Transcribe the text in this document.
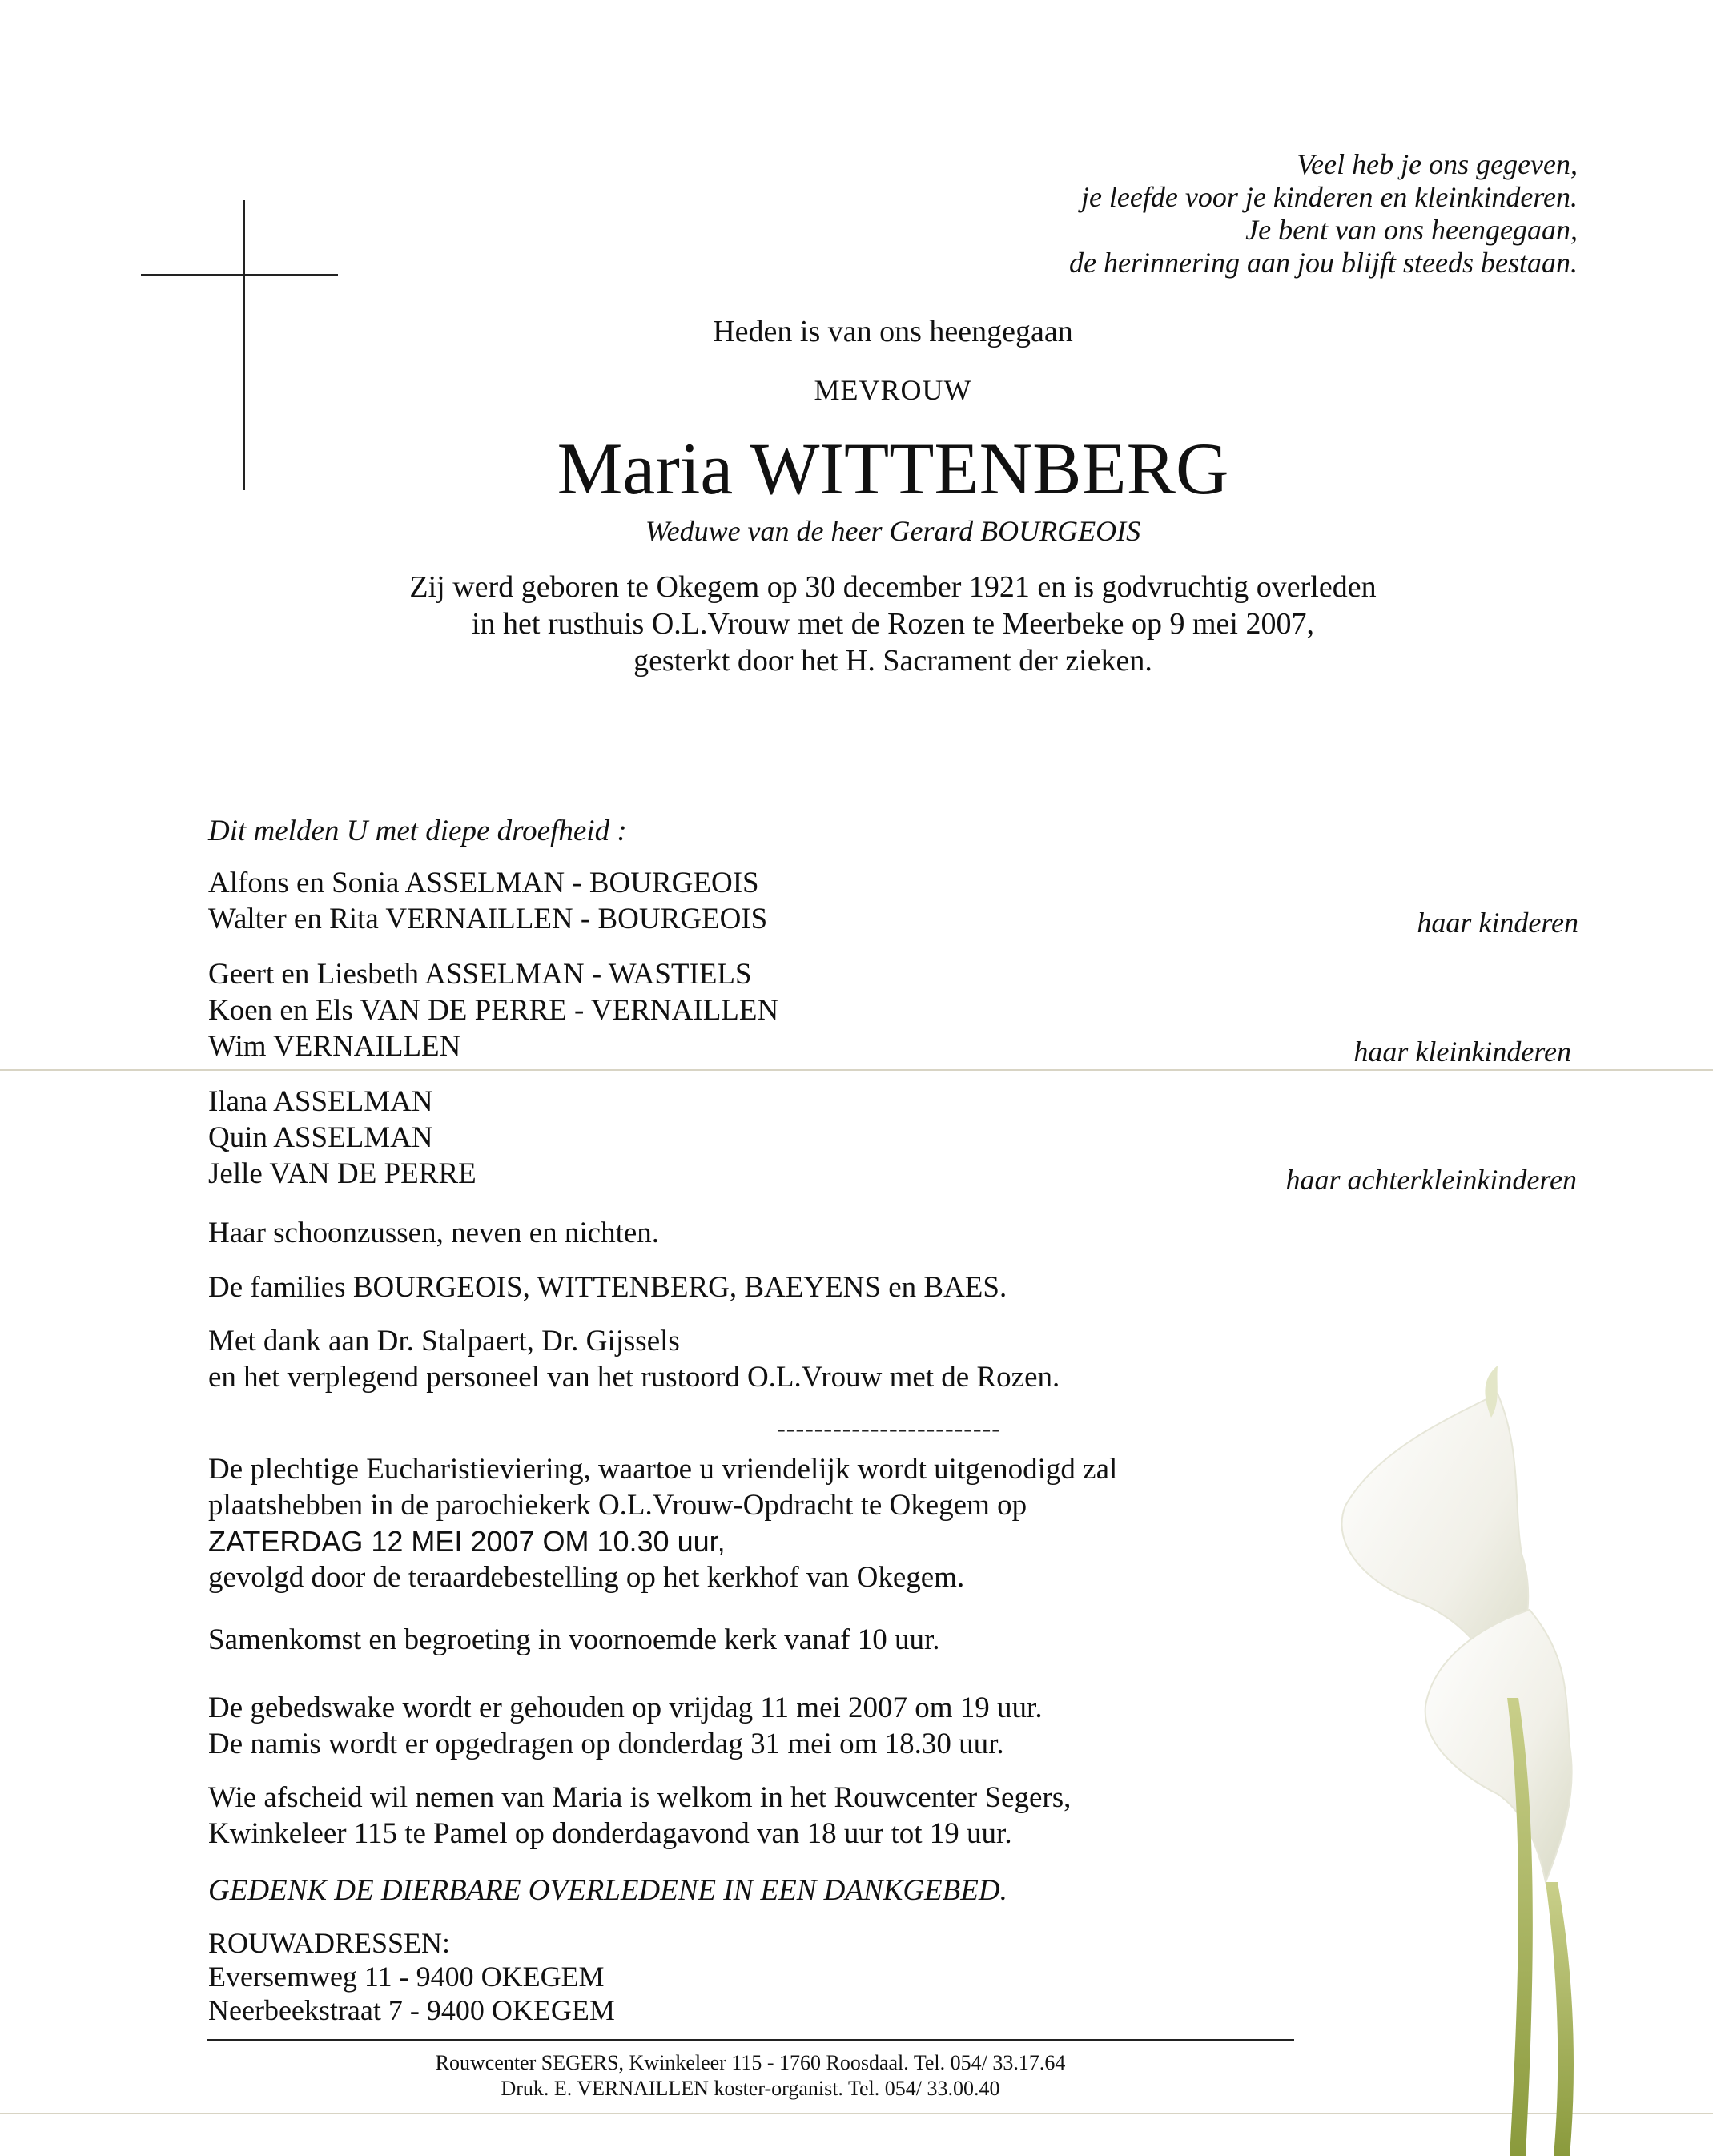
Veel heb je ons gegeven,
je leefde voor je kinderen en kleinkinderen.
Je bent van ons heengegaan,
de herinnering aan jou blijft steeds bestaan.
Heden is van ons heengegaan
MEVROUW
Maria WITTENBERG
Weduwe van de heer Gerard BOURGEOIS
Zij werd geboren te Okegem op 30 december 1921 en is godvruchtig overleden
in het rusthuis O.L.Vrouw met de Rozen te Meerbeke op 9 mei 2007,
gesterkt door het H. Sacrament der zieken.
Dit melden U met diepe droefheid :
Alfons en Sonia ASSELMAN - BOURGEOIS
Walter en Rita VERNAILLEN - BOURGEOIS	haar kinderen
Geert en Liesbeth ASSELMAN - WASTIELS
Koen en Els VAN DE PERRE - VERNAILLEN
Wim VERNAILLEN	haar kleinkinderen
Ilana ASSELMAN
Quin ASSELMAN
Jelle VAN DE PERRE	haar achterkleinkinderen
Haar schoonzussen, neven en nichten.
De families BOURGEOIS, WITTENBERG, BAEYENS en BAES.
Met dank aan Dr. Stalpaert, Dr. Gijssels
en het verplegend personeel van het rustoord O.L.Vrouw met de Rozen.
------------------------
De plechtige Eucharistieviering, waartoe u vriendelijk wordt uitgenodigd zal
plaatshebben in de parochiekerk O.L.Vrouw-Opdracht te Okegem op
ZATERDAG 12 MEI 2007 OM 10.30 uur,
gevolgd door de teraardebestelling op het kerkhof van Okegem.
Samenkomst en begroeting in voornoemde kerk vanaf 10 uur.
De gebedswake wordt er gehouden op vrijdag 11 mei 2007 om 19 uur.
De namis wordt er opgedragen op donderdag 31 mei om 18.30 uur.
Wie afscheid wil nemen van Maria is welkom in het Rouwcenter Segers,
Kwinkeleer 115 te Pamel op donderdagavond van 18 uur tot 19 uur.
GEDENK DE DIERBARE OVERLEDENE IN EEN DANKGEBED.
ROUWADRESSEN:
Eversemweg 11 - 9400 OKEGEM
Neerbeekstraat 7 - 9400 OKEGEM
Rouwcenter SEGERS, Kwinkeleer 115 - 1760 Roosdaal. Tel. 054/ 33.17.64
Druk. E. VERNAILLEN koster-organist. Tel. 054/ 33.00.40
